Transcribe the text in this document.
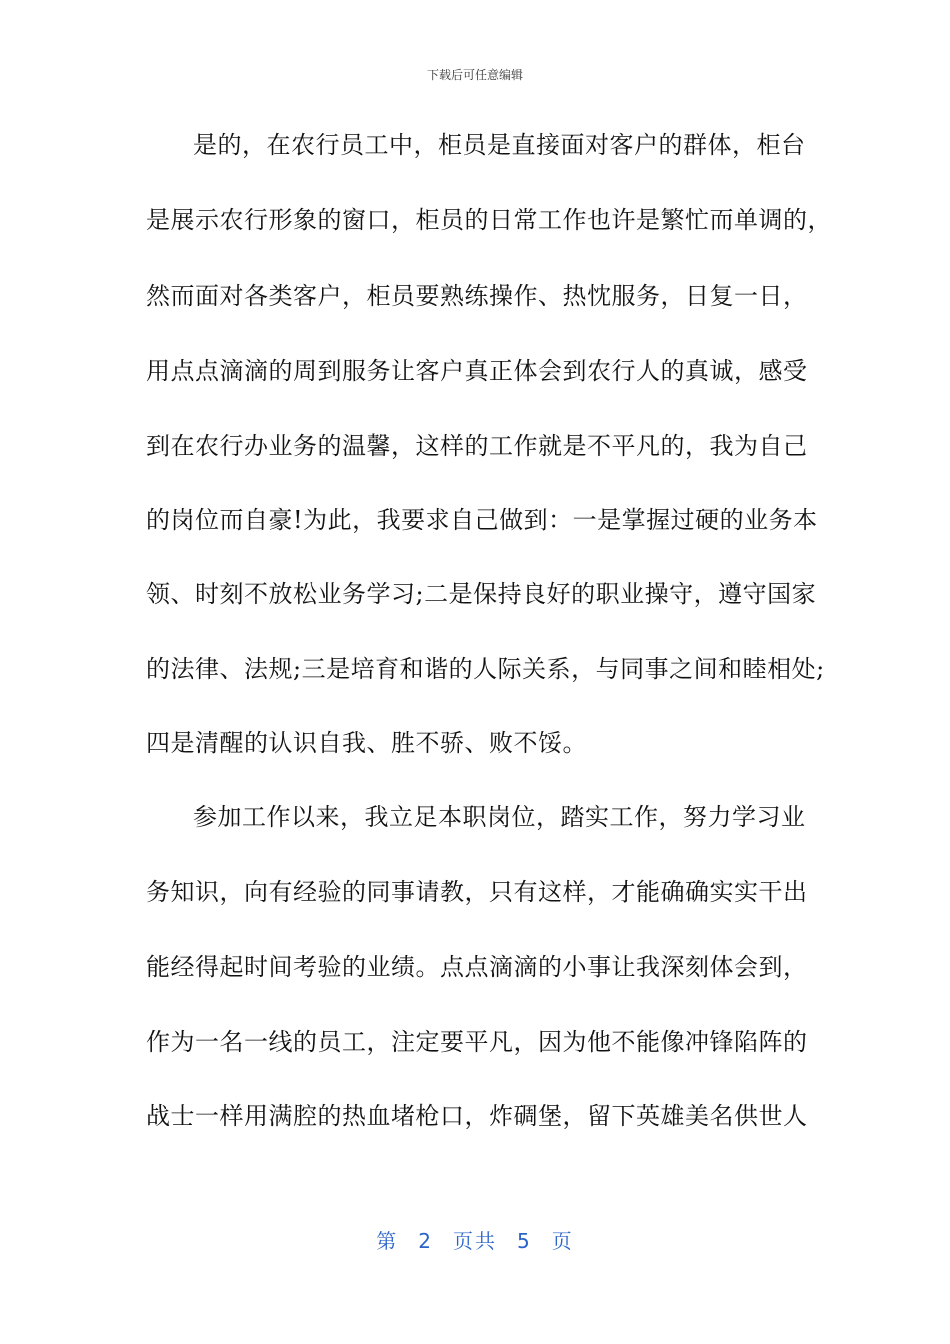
下载后可任意编辑
是的，在农行员工中，柜员是直接面对客户的群体，柜台
是展示农行形象的窗口，柜员的日常工作也许是繁忙而单调的，
然而面对各类客户，柜员要熟练操作、热忱服务，日复一日，
用点点滴滴的周到服务让客户真正体会到农行人的真诚，感受
到在农行办业务的温馨，这样的工作就是不平凡的，我为自己
的岗位而自豪!为此，我要求自己做到：一是掌握过硬的业务本
领、时刻不放松业务学习;二是保持良好的职业操守，遵守国家
的法律、法规;三是培育和谐的人际关系，与同事之间和睦相处;
四是清醒的认识自我、胜不骄、败不馁。
参加工作以来，我立足本职岗位，踏实工作，努力学习业
务知识，向有经验的同事请教，只有这样，才能确确实实干出
能经得起时间考验的业绩。点点滴滴的小事让我深刻体会到，
作为一名一线的员工，注定要平凡，因为他不能像冲锋陷阵的
战士一样用满腔的热血堵枪口，炸碉堡，留下英雄美名供世人
第 2 页共 5 页
